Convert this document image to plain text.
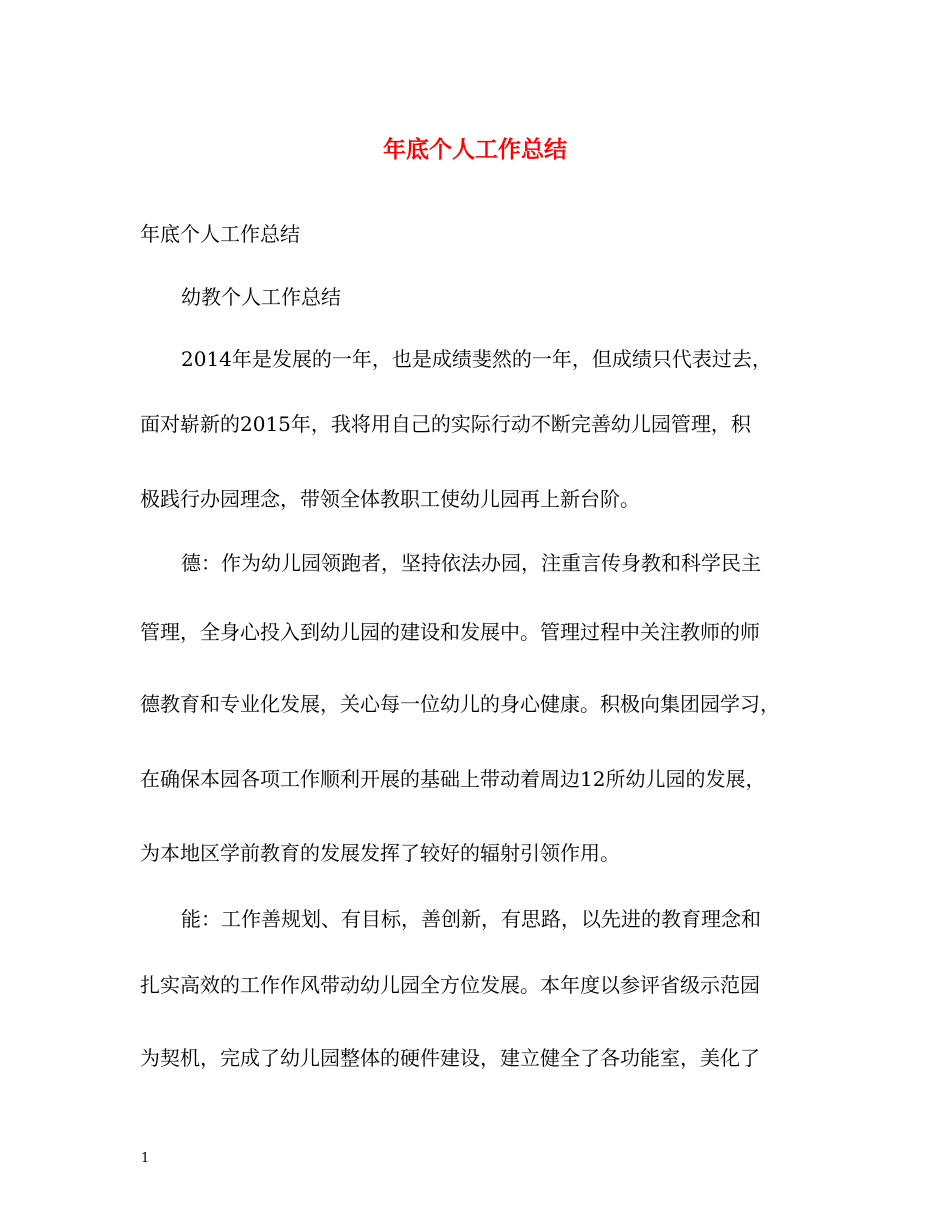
年底个人工作总结

年底个人工作总结

幼教个人工作总结

2014年是发展的一年，也是成绩斐然的一年，但成绩只代表过去，

面对崭新的2015年，我将用自己的实际行动不断完善幼儿园管理，积

极践行办园理念，带领全体教职工使幼儿园再上新台阶。

德：作为幼儿园领跑者，坚持依法办园，注重言传身教和科学民主

管理，全身心投入到幼儿园的建设和发展中。管理过程中关注教师的师

德教育和专业化发展，关心每一位幼儿的身心健康。积极向集团园学习，

在确保本园各项工作顺利开展的基础上带动着周边12所幼儿园的发展，

为本地区学前教育的发展发挥了较好的辐射引领作用。

能：工作善规划、有目标，善创新，有思路，以先进的教育理念和

扎实高效的工作作风带动幼儿园全方位发展。本年度以参评省级示范园

为契机，完成了幼儿园整体的硬件建设，建立健全了各功能室，美化了

1
